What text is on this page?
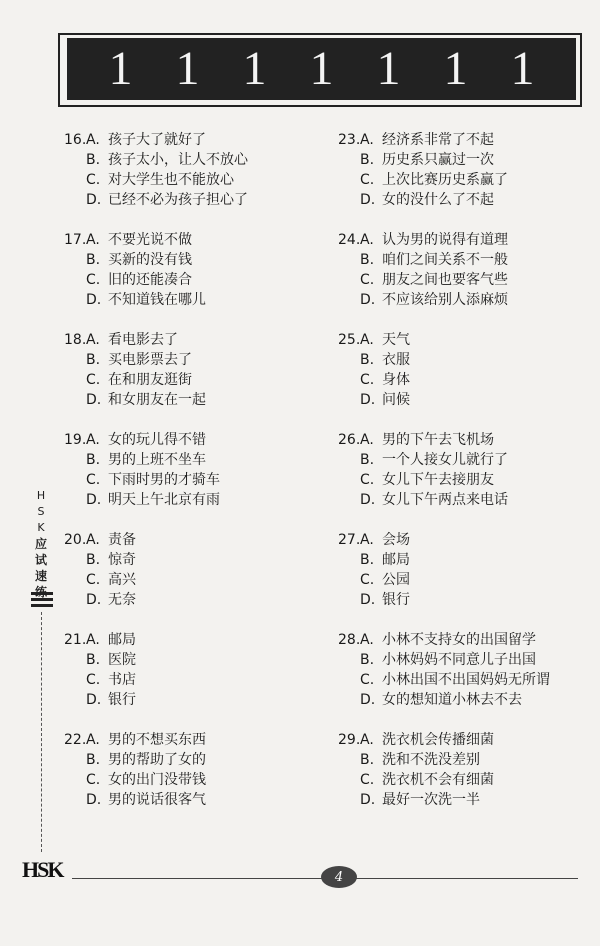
1 1 1 1 1 1 1
16.A. 孩子大了就好了
B. 孩子太小，让人不放心
C. 对大学生也不能放心
D. 已经不必为孩子担心了
17.A. 不要光说不做
B. 买新的没有钱
C. 旧的还能凑合
D. 不知道钱在哪儿
18.A. 看电影去了
B. 买电影票去了
C. 在和朋友逛街
D. 和女朋友在一起
19.A. 女的玩儿得不错
B. 男的上班不坐车
C. 下雨时男的才骑车
D. 明天上午北京有雨
20.A. 责备
B. 惊奇
C. 高兴
D. 无奈
21.A. 邮局
B. 医院
C. 书店
D. 银行
22.A. 男的不想买东西
B. 男的帮助了女的
C. 女的出门没带钱
D. 男的说话很客气
23.A. 经济系非常了不起
B. 历史系只赢过一次
C. 上次比赛历史系赢了
D. 女的没什么了不起
24.A. 认为男的说得有道理
B. 咱们之间关系不一般
C. 朋友之间也要客气些
D. 不应该给别人添麻烦
25.A. 天气
B. 衣服
C. 身体
D. 问候
26.A. 男的下午去飞机场
B. 一个人接女儿就行了
C. 女儿下午去接朋友
D. 女儿下午两点来电话
27.A. 会场
B. 邮局
C. 公园
D. 银行
28.A. 小林不支持女的出国留学
B. 小林妈妈不同意儿子出国
C. 小林出国不出国妈妈无所谓
D. 女的想知道小林去不去
29.A. 洗衣机会传播细菌
B. 洗和不洗没差别
C. 洗衣机不会有细菌
D. 最好一次洗一半
H
S
K
应
试
速
HSK	4
